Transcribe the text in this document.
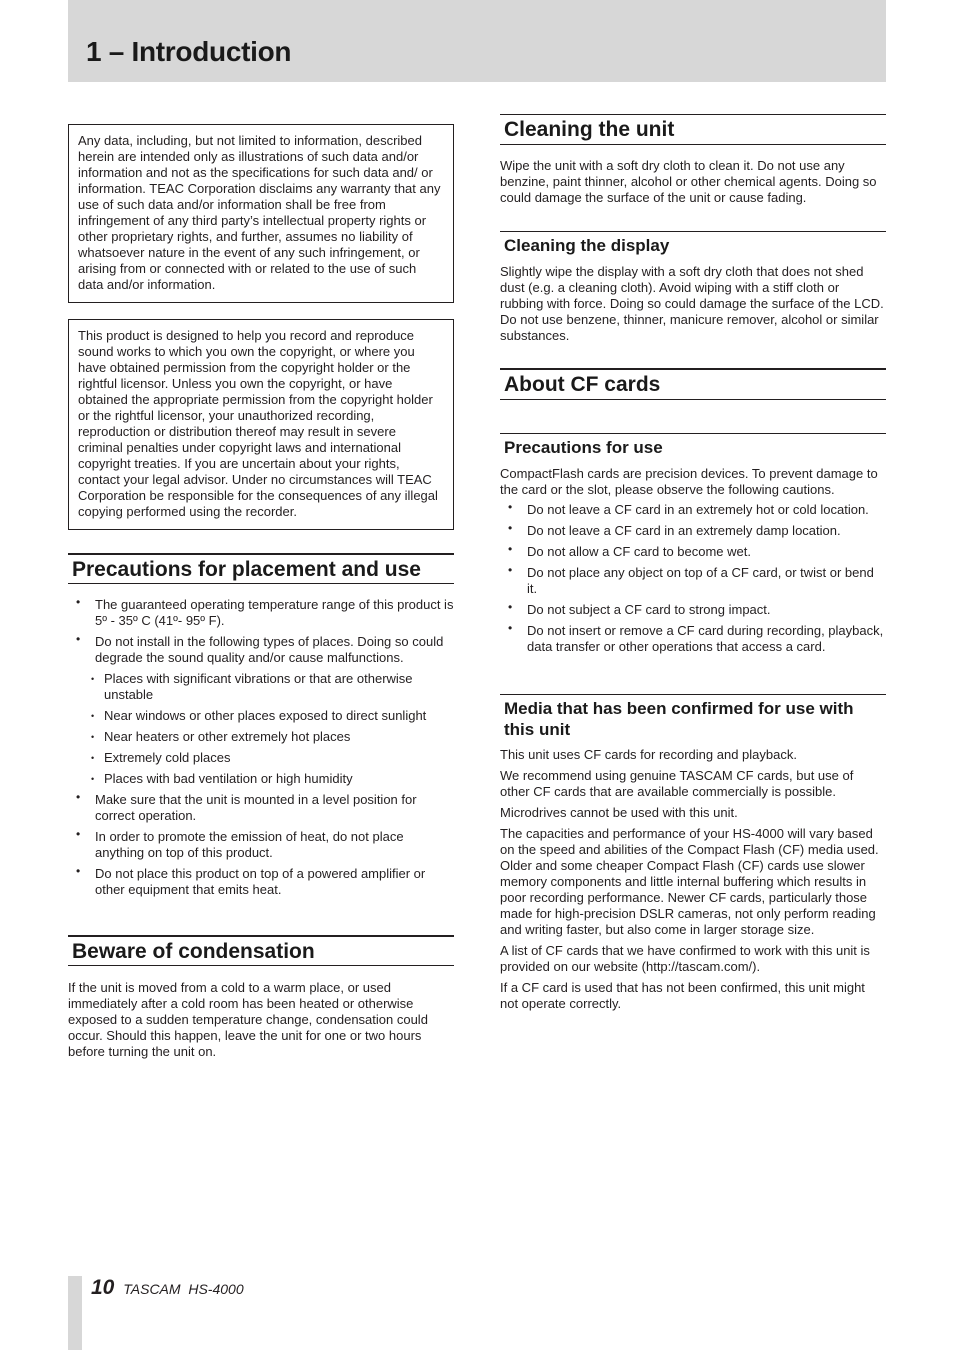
1 – Introduction

Any data, including, but not limited to information, described herein are intended only as illustrations of such data and/or information and not as the specifications for such data and/ or information. TEAC Corporation disclaims any warranty that any use of such data and/or information shall be free from infringement of any third party’s intellectual property rights or other proprietary rights, and further, assumes no liability of whatsoever nature in the event of any such infringement, or arising from or connected with or related to the use of such data and/or information.

This product is designed to help you record and reproduce sound works to which you own the copyright, or where you have obtained permission from the copyright holder or the rightful licensor. Unless you own the copyright, or have obtained the appropriate permission from the copyright holder or the rightful licensor, your unauthorized recording, reproduction or distribution thereof may result in severe criminal penalties under copyright laws and international copyright treaties. If you are uncertain about your rights, contact your legal advisor. Under no circumstances will TEAC Corporation be responsible for the consequences of any illegal copying performed using the recorder.

Precautions for placement and use
• The guaranteed operating temperature range of this product is 5º - 35º C (41º- 95º F).
• Do not install in the following types of places. Doing so could degrade the sound quality and/or cause malfunctions.
• Places with significant vibrations or that are otherwise unstable
• Near windows or other places exposed to direct sunlight
• Near heaters or other extremely hot places
• Extremely cold places
• Places with bad ventilation or high humidity
• Make sure that the unit is mounted in a level position for correct operation.
• In order to promote the emission of heat, do not place anything on top of this product.
• Do not place this product on top of a powered amplifier or other equipment that emits heat.
Beware of condensation

If the unit is moved from a cold to a warm place, or used immediately after a cold room has been heated or otherwise exposed to a sudden temperature change, condensation could occur. Should this happen, leave the unit for one or two hours before turning the unit on.

Cleaning the unit

Wipe the unit with a soft dry cloth to clean it. Do not use any benzine, paint thinner, alcohol or other chemical agents. Doing so could damage the surface of the unit or cause fading.

Cleaning the display

Slightly wipe the display with a soft dry cloth that does not shed dust (e.g. a cleaning cloth). Avoid wiping with a stiff cloth or rubbing with force. Doing so could damage the surface of the LCD. Do not use benzene, thinner, manicure remover, alcohol or similar substances.

About CF cards
Precautions for use

CompactFlash cards are precision devices. To prevent damage to the card or the slot, please observe the following cautions.

• Do not leave a CF card in an extremely hot or cold location.
• Do not leave a CF card in an extremely damp location.
• Do not allow a CF card to become wet.
• Do not place any object on top of a CF card, or twist or bend it.
• Do not subject a CF card to strong impact.
• Do not insert or remove a CF card during recording, playback, data transfer or other operations that access a card.
Media that has been confirmed for use with this unit

This unit uses CF cards for recording and playback.

We recommend using genuine TASCAM CF cards, but use of other CF cards that are available commercially is possible.

Microdrives cannot be used with this unit.

The capacities and performance of your HS-4000 will vary based on the speed and abilities of the Compact Flash (CF) media used. Older and some cheaper Compact Flash (CF) cards use slower memory components and little internal buffering which results in poor recording performance. Newer CF cards, particularly those made for high-precision DSLR cameras, not only perform reading and writing faster, but also come in larger storage size.

A list of CF cards that we have confirmed to work with this unit is provided on our website (http://tascam.com/).

If a CF card is used that has not been confirmed, this unit might not operate correctly.

10 TASCAM HS-4000
